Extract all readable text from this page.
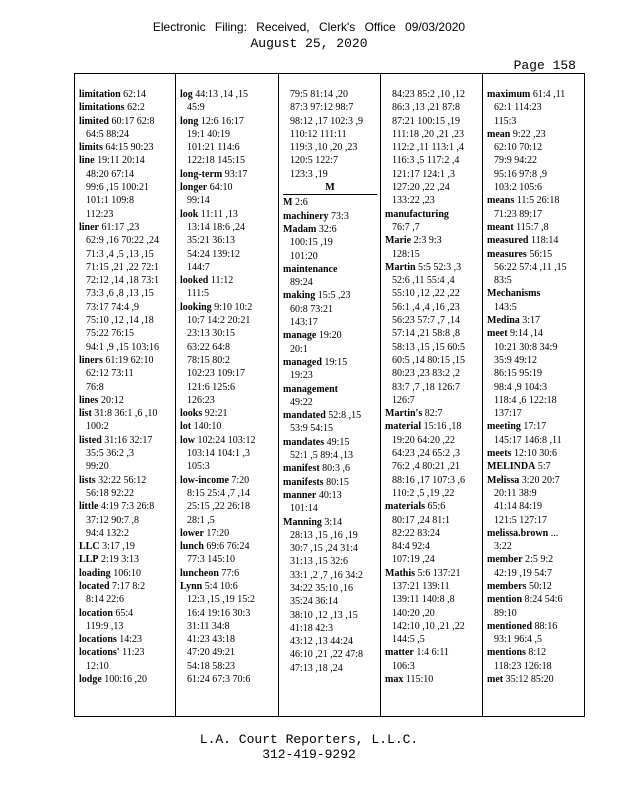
Electronic Filing: Received, Clerk's Office 09/03/2020
August 25, 2020
Page 158
limitation 62:14
limitations 62:2
limited 60:17 62:8
64:5 88:24
limits 64:15 90:23
line 19:11 20:14
48:20 67:14
99:6 ,15 100:21
101:1 109:8
112:23
liner 61:17 ,23
62:9 ,16 70:22 ,24
71:3 ,4 ,5 ,13 ,15
71:15 ,21 ,22 72:1
72:12 ,14 ,18 73:1
73:3 ,6 ,8 ,13 ,15
73:17 74:4 ,9
75:10 ,12 ,14 ,18
75:22 76:15
94:1 ,9 ,15 103:16
liners 61:19 62:10
62:12 73:11
76:8
lines 20:12
list 31:8 36:1 ,6 ,10
100:2
listed 31:16 32:17
35:5 36:2 ,3
99:20
lists 32:22 56:12
56:18 92:22
little 4:19 7:3 26:8
37:12 90:7 ,8
94:4 132:2
LLC 3:17 ,19
LLP 2:19 3:13
loading 106:10
located 7:17 8:2
8:14 22:6
location 65:4
119:9 ,13
locations 14:23
locations' 11:23
12:10
lodge 100:16 ,20
log 44:13 ,14 ,15
45:9
long 12:6 16:17
19:1 40:19
101:21 114:6
122:18 145:15
long-term 93:17
longer 64:10
99:14
look 11:11 ,13
13:14 18:6 ,24
35:21 36:13
54:24 139:12
144:7
looked 11:12
111:5
looking 9:10 10:2
10:7 14:2 20:21
23:13 30:15
63:22 64:8
78:15 80:2
102:23 109:17
121:6 125:6
126:23
looks 92:21
lot 140:10
low 102:24 103:12
103:14 104:1 ,3
105:3
low-income 7:20
8:15 25:4 ,7 ,14
25:15 ,22 26:18
28:1 ,5
lower 17:20
lunch 69:6 76:24
77:3 145:10
luncheon 77:6
Lynn 5:4 10:6
12:3 ,15 ,19 15:2
16:4 19:16 30:3
31:11 34:8
41:23 43:18
47:20 49:21
54:18 58:23
61:24 67:3 70:6
79:5 81:14 ,20
87:3 97:12 98:7
98:12 ,17 102:3 ,9
110:12 111:11
119:3 ,10 ,20 ,23
120:5 122:7
123:3 ,19
M
M 2:6
machinery 73:3
Madam 32:6
100:15 ,19
101:20
maintenance
89:24
making 15:5 ,23
60:8 73:21
143:17
manage 19:20
20:1
managed 19:15
19:23
management
49:22
mandated 52:8 ,15
53:9 54:15
mandates 49:15
52:1 ,5 89:4 ,13
manifest 80:3 ,6
manifests 80:15
manner 40:13
101:14
Manning 3:14
28:13 ,15 ,16 ,19
30:7 ,15 ,24 31:4
31:13 ,15 32:6
33:1 ,2 ,7 ,16 34:2
34:22 35:10 ,16
35:24 36:14
38:10 ,12 ,13 ,15
41:18 42:3
43:12 ,13 44:24
46:10 ,21 ,22 47:8
47:13 ,18 ,24
84:23 85:2 ,10 ,12
86:3 ,13 ,21 87:8
87:21 100:15 ,19
111:18 ,20 ,21 ,23
112:2 ,11 113:1 ,4
116:3 ,5 117:2 ,4
121:17 124:1 ,3
127:20 ,22 ,24
133:22 ,23
manufacturing
76:7 ,7
Marie 2:3 9:3
128:15
Martin 5:5 52:3 ,3
52:6 ,11 55:4 ,4
55:10 ,12 ,22 ,22
56:1 ,4 ,4 ,16 ,23
56:23 57:7 ,7 ,14
57:14 ,21 58:8 ,8
58:13 ,15 ,15 60:5
60:5 ,14 80:15 ,15
80:23 ,23 83:2 ,2
83:7 ,7 ,18 126:7
126:7
Martin's 82:7
material 15:16 ,18
19:20 64:20 ,22
64:23 ,24 65:2 ,3
76:2 ,4 80:21 ,21
88:16 ,17 107:3 ,6
110:2 ,5 ,19 ,22
materials 65:6
80:17 ,24 81:1
82:22 83:24
84:4 92:4
107:19 ,24
Mathis 5:6 137:21
137:21 139:11
139:11 140:8 ,8
140:20 ,20
142:10 ,10 ,21 ,22
144:5 ,5
matter 1:4 6:11
106:3
max 115:10
maximum 61:4 ,11
62:1 114:23
115:3
mean 9:22 ,23
62:10 70:12
79:9 94:22
95:16 97:8 ,9
103:2 105:6
means 11:5 26:18
71:23 89:17
meant 115:7 ,8
measured 118:14
measures 56:15
56:22 57:4 ,11 ,15
83:5
Mechanisms
143:5
Medina 3:17
meet 9:14 ,14
10:21 30:8 34:9
35:9 49:12
86:15 95:19
98:4 ,9 104:3
118:4 ,6 122:18
137:17
meeting 17:17
145:17 146:8 ,11
meets 12:10 30:6
MELINDA 5:7
Melissa 3:20 20:7
20:11 38:9
41:14 84:19
121:5 127:17
melissa.brown ...
3:22
member 2:5 9:2
42:19 ,19 54:7
members 50:12
mention 8:24 54:6
89:10
mentioned 88:16
93:1 96:4 ,5
mentions 8:12
118:23 126:18
met 35:12 85:20
L.A. Court Reporters, L.L.C.
312-419-9292
